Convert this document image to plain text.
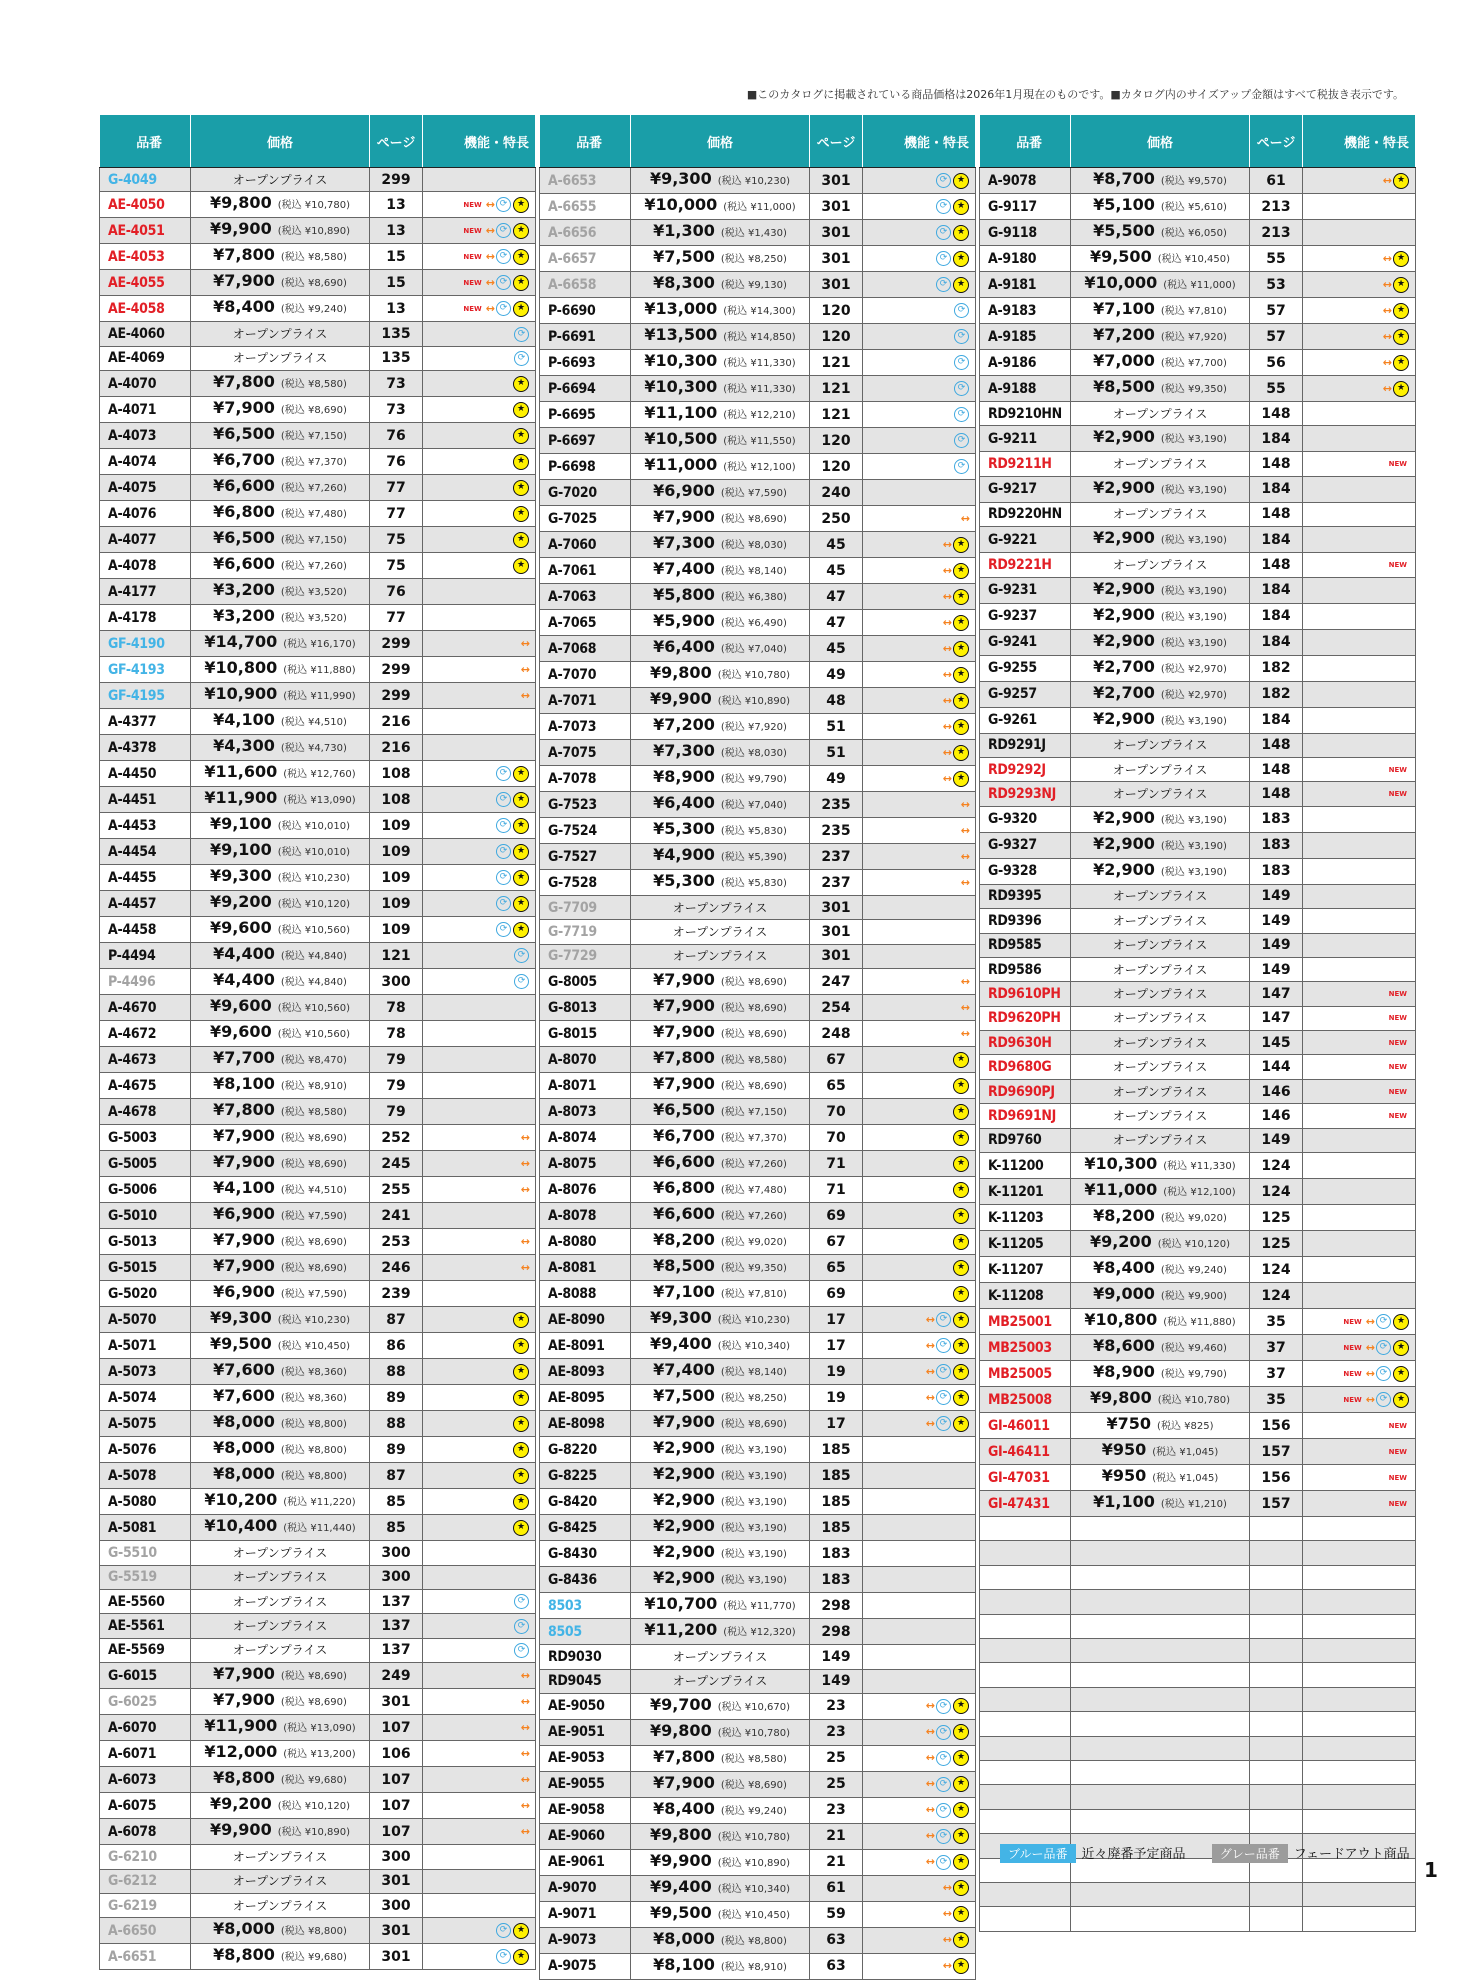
■このカタログに掲載されている商品価格は2026年1月現在のものです。■カタログ内のサイズアップ金額はすべて税抜き表示です。
品番	価格	ページ	機能・特長
G-4049	オープンプライス	299	
AE-4050	¥9,800 (税込 ¥10,780)	13	NEW ↔ ⟳ ★
AE-4051	¥9,900 (税込 ¥10,890)	13	NEW ↔ ⟳ ★
AE-4053	¥7,800 (税込 ¥8,580)	15	NEW ↔ ⟳ ★
AE-4055	¥7,900 (税込 ¥8,690)	15	NEW ↔ ⟳ ★
AE-4058	¥8,400 (税込 ¥9,240)	13	NEW ↔ ⟳ ★
AE-4060	オープンプライス	135	⟳
AE-4069	オープンプライス	135	⟳
A-4070	¥7,800 (税込 ¥8,580)	73	★
A-4071	¥7,900 (税込 ¥8,690)	73	★
A-4073	¥6,500 (税込 ¥7,150)	76	★
A-4074	¥6,700 (税込 ¥7,370)	76	★
A-4075	¥6,600 (税込 ¥7,260)	77	★
A-4076	¥6,800 (税込 ¥7,480)	77	★
A-4077	¥6,500 (税込 ¥7,150)	75	★
A-4078	¥6,600 (税込 ¥7,260)	75	★
A-4177	¥3,200 (税込 ¥3,520)	76	
A-4178	¥3,200 (税込 ¥3,520)	77	
GF-4190	¥14,700 (税込 ¥16,170)	299	↔
GF-4193	¥10,800 (税込 ¥11,880)	299	↔
GF-4195	¥10,900 (税込 ¥11,990)	299	↔
A-4377	¥4,100 (税込 ¥4,510)	216	
A-4378	¥4,300 (税込 ¥4,730)	216	
A-4450	¥11,600 (税込 ¥12,760)	108	⟳ ★
A-4451	¥11,900 (税込 ¥13,090)	108	⟳ ★
A-4453	¥9,100 (税込 ¥10,010)	109	⟳ ★
A-4454	¥9,100 (税込 ¥10,010)	109	⟳ ★
A-4455	¥9,300 (税込 ¥10,230)	109	⟳ ★
A-4457	¥9,200 (税込 ¥10,120)	109	⟳ ★
A-4458	¥9,600 (税込 ¥10,560)	109	⟳ ★
P-4494	¥4,400 (税込 ¥4,840)	121	⟳
P-4496	¥4,400 (税込 ¥4,840)	300	⟳
A-4670	¥9,600 (税込 ¥10,560)	78	
A-4672	¥9,600 (税込 ¥10,560)	78	
A-4673	¥7,700 (税込 ¥8,470)	79	
A-4675	¥8,100 (税込 ¥8,910)	79	
A-4678	¥7,800 (税込 ¥8,580)	79	
G-5003	¥7,900 (税込 ¥8,690)	252	↔
G-5005	¥7,900 (税込 ¥8,690)	245	↔
G-5006	¥4,100 (税込 ¥4,510)	255	↔
G-5010	¥6,900 (税込 ¥7,590)	241	
G-5013	¥7,900 (税込 ¥8,690)	253	↔
G-5015	¥7,900 (税込 ¥8,690)	246	↔
G-5020	¥6,900 (税込 ¥7,590)	239	
A-5070	¥9,300 (税込 ¥10,230)	87	★
A-5071	¥9,500 (税込 ¥10,450)	86	★
A-5073	¥7,600 (税込 ¥8,360)	88	★
A-5074	¥7,600 (税込 ¥8,360)	89	★
A-5075	¥8,000 (税込 ¥8,800)	88	★
A-5076	¥8,000 (税込 ¥8,800)	89	★
A-5078	¥8,000 (税込 ¥8,800)	87	★
A-5080	¥10,200 (税込 ¥11,220)	85	★
A-5081	¥10,400 (税込 ¥11,440)	85	★
G-5510	オープンプライス	300	
G-5519	オープンプライス	300	
AE-5560	オープンプライス	137	⟳
AE-5561	オープンプライス	137	⟳
AE-5569	オープンプライス	137	⟳
G-6015	¥7,900 (税込 ¥8,690)	249	↔
G-6025	¥7,900 (税込 ¥8,690)	301	↔
A-6070	¥11,900 (税込 ¥13,090)	107	↔
A-6071	¥12,000 (税込 ¥13,200)	106	↔
A-6073	¥8,800 (税込 ¥9,680)	107	↔
A-6075	¥9,200 (税込 ¥10,120)	107	↔
A-6078	¥9,900 (税込 ¥10,890)	107	↔
G-6210	オープンプライス	300	
G-6212	オープンプライス	301	
G-6219	オープンプライス	300	
A-6650	¥8,000 (税込 ¥8,800)	301	⟳ ★
A-6651	¥8,800 (税込 ¥9,680)	301	⟳ ★
品番	価格	ページ	機能・特長
A-6653	¥9,300 (税込 ¥10,230)	301	⟳ ★
A-6655	¥10,000 (税込 ¥11,000)	301	⟳ ★
A-6656	¥1,300 (税込 ¥1,430)	301	⟳ ★
A-6657	¥7,500 (税込 ¥8,250)	301	⟳ ★
A-6658	¥8,300 (税込 ¥9,130)	301	⟳ ★
P-6690	¥13,000 (税込 ¥14,300)	120	⟳
P-6691	¥13,500 (税込 ¥14,850)	120	⟳
P-6693	¥10,300 (税込 ¥11,330)	121	⟳
P-6694	¥10,300 (税込 ¥11,330)	121	⟳
P-6695	¥11,100 (税込 ¥12,210)	121	⟳
P-6697	¥10,500 (税込 ¥11,550)	120	⟳
P-6698	¥11,000 (税込 ¥12,100)	120	⟳
G-7020	¥6,900 (税込 ¥7,590)	240	
G-7025	¥7,900 (税込 ¥8,690)	250	↔
A-7060	¥7,300 (税込 ¥8,030)	45	↔ ★
A-7061	¥7,400 (税込 ¥8,140)	45	↔ ★
A-7063	¥5,800 (税込 ¥6,380)	47	↔ ★
A-7065	¥5,900 (税込 ¥6,490)	47	↔ ★
A-7068	¥6,400 (税込 ¥7,040)	45	↔ ★
A-7070	¥9,800 (税込 ¥10,780)	49	↔ ★
A-7071	¥9,900 (税込 ¥10,890)	48	↔ ★
A-7073	¥7,200 (税込 ¥7,920)	51	↔ ★
A-7075	¥7,300 (税込 ¥8,030)	51	↔ ★
A-7078	¥8,900 (税込 ¥9,790)	49	↔ ★
G-7523	¥6,400 (税込 ¥7,040)	235	↔
G-7524	¥5,300 (税込 ¥5,830)	235	↔
G-7527	¥4,900 (税込 ¥5,390)	237	↔
G-7528	¥5,300 (税込 ¥5,830)	237	↔
G-7709	オープンプライス	301	
G-7719	オープンプライス	301	
G-7729	オープンプライス	301	
G-8005	¥7,900 (税込 ¥8,690)	247	↔
G-8013	¥7,900 (税込 ¥8,690)	254	↔
G-8015	¥7,900 (税込 ¥8,690)	248	↔
A-8070	¥7,800 (税込 ¥8,580)	67	★
A-8071	¥7,900 (税込 ¥8,690)	65	★
A-8073	¥6,500 (税込 ¥7,150)	70	★
A-8074	¥6,700 (税込 ¥7,370)	70	★
A-8075	¥6,600 (税込 ¥7,260)	71	★
A-8076	¥6,800 (税込 ¥7,480)	71	★
A-8078	¥6,600 (税込 ¥7,260)	69	★
A-8080	¥8,200 (税込 ¥9,020)	67	★
A-8081	¥8,500 (税込 ¥9,350)	65	★
A-8088	¥7,100 (税込 ¥7,810)	69	★
AE-8090	¥9,300 (税込 ¥10,230)	17	↔ ⟳ ★
AE-8091	¥9,400 (税込 ¥10,340)	17	↔ ⟳ ★
AE-8093	¥7,400 (税込 ¥8,140)	19	↔ ⟳ ★
AE-8095	¥7,500 (税込 ¥8,250)	19	↔ ⟳ ★
AE-8098	¥7,900 (税込 ¥8,690)	17	↔ ⟳ ★
G-8220	¥2,900 (税込 ¥3,190)	185	
G-8225	¥2,900 (税込 ¥3,190)	185	
G-8420	¥2,900 (税込 ¥3,190)	185	
G-8425	¥2,900 (税込 ¥3,190)	185	
G-8430	¥2,900 (税込 ¥3,190)	183	
G-8436	¥2,900 (税込 ¥3,190)	183	
8503	¥10,700 (税込 ¥11,770)	298	
8505	¥11,200 (税込 ¥12,320)	298	
RD9030	オープンプライス	149	
RD9045	オープンプライス	149	
AE-9050	¥9,700 (税込 ¥10,670)	23	↔ ⟳ ★
AE-9051	¥9,800 (税込 ¥10,780)	23	↔ ⟳ ★
AE-9053	¥7,800 (税込 ¥8,580)	25	↔ ⟳ ★
AE-9055	¥7,900 (税込 ¥8,690)	25	↔ ⟳ ★
AE-9058	¥8,400 (税込 ¥9,240)	23	↔ ⟳ ★
AE-9060	¥9,800 (税込 ¥10,780)	21	↔ ⟳ ★
AE-9061	¥9,900 (税込 ¥10,890)	21	↔ ⟳ ★
A-9070	¥9,400 (税込 ¥10,340)	61	↔ ★
A-9071	¥9,500 (税込 ¥10,450)	59	↔ ★
A-9073	¥8,000 (税込 ¥8,800)	63	↔ ★
A-9075	¥8,100 (税込 ¥8,910)	63	↔ ★
品番	価格	ページ	機能・特長
A-9078	¥8,700 (税込 ¥9,570)	61	↔ ★
G-9117	¥5,100 (税込 ¥5,610)	213	
G-9118	¥5,500 (税込 ¥6,050)	213	
A-9180	¥9,500 (税込 ¥10,450)	55	↔ ★
A-9181	¥10,000 (税込 ¥11,000)	53	↔ ★
A-9183	¥7,100 (税込 ¥7,810)	57	↔ ★
A-9185	¥7,200 (税込 ¥7,920)	57	↔ ★
A-9186	¥7,000 (税込 ¥7,700)	56	↔ ★
A-9188	¥8,500 (税込 ¥9,350)	55	↔ ★
RD9210HN	オープンプライス	148	
G-9211	¥2,900 (税込 ¥3,190)	184	
RD9211H	オープンプライス	148	NEW
G-9217	¥2,900 (税込 ¥3,190)	184	
RD9220HN	オープンプライス	148	
G-9221	¥2,900 (税込 ¥3,190)	184	
RD9221H	オープンプライス	148	NEW
G-9231	¥2,900 (税込 ¥3,190)	184	
G-9237	¥2,900 (税込 ¥3,190)	184	
G-9241	¥2,900 (税込 ¥3,190)	184	
G-9255	¥2,700 (税込 ¥2,970)	182	
G-9257	¥2,700 (税込 ¥2,970)	182	
G-9261	¥2,900 (税込 ¥3,190)	184	
RD9291J	オープンプライス	148	
RD9292J	オープンプライス	148	NEW
RD9293NJ	オープンプライス	148	NEW
G-9320	¥2,900 (税込 ¥3,190)	183	
G-9327	¥2,900 (税込 ¥3,190)	183	
G-9328	¥2,900 (税込 ¥3,190)	183	
RD9395	オープンプライス	149	
RD9396	オープンプライス	149	
RD9585	オープンプライス	149	
RD9586	オープンプライス	149	
RD9610PH	オープンプライス	147	NEW
RD9620PH	オープンプライス	147	NEW
RD9630H	オープンプライス	145	NEW
RD9680G	オープンプライス	144	NEW
RD9690PJ	オープンプライス	146	NEW
RD9691NJ	オープンプライス	146	NEW
RD9760	オープンプライス	149	
K-11200	¥10,300 (税込 ¥11,330)	124	
K-11201	¥11,000 (税込 ¥12,100)	124	
K-11203	¥8,200 (税込 ¥9,020)	125	
K-11205	¥9,200 (税込 ¥10,120)	125	
K-11207	¥8,400 (税込 ¥9,240)	124	
K-11208	¥9,000 (税込 ¥9,900)	124	
MB25001	¥10,800 (税込 ¥11,880)	35	NEW ↔ ⟳ ★
MB25003	¥8,600 (税込 ¥9,460)	37	NEW ↔ ⟳ ★
MB25005	¥8,900 (税込 ¥9,790)	37	NEW ↔ ⟳ ★
MB25008	¥9,800 (税込 ¥10,780)	35	NEW ↔ ⟳ ★
GI-46011	¥750 (税込 ¥825)	156	NEW
GI-46411	¥950 (税込 ¥1,045)	157	NEW
GI-47031	¥950 (税込 ¥1,045)	156	NEW
GI-47431	¥1,100 (税込 ¥1,210)	157	NEW

ブルー品番 近々廃番予定商品	グレー品番 フェードアウト商品
1
